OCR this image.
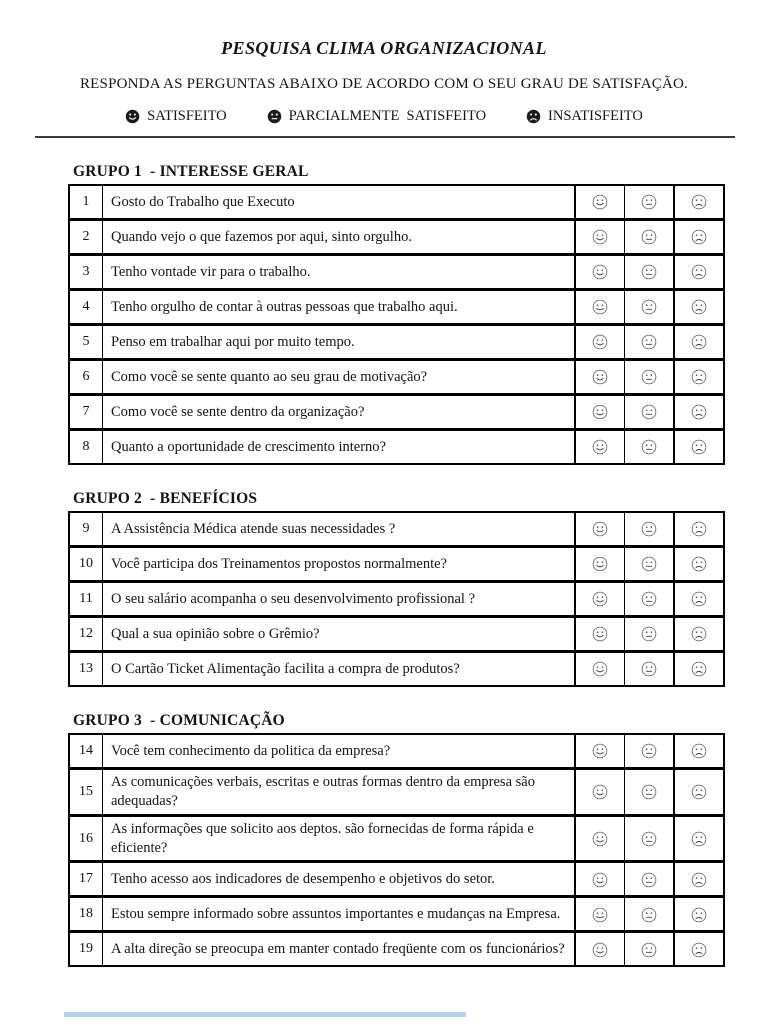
PESQUISA CLIMA ORGANIZACIONAL

RESPONDA AS PERGUNTAS ABAIXO DE ACORDO COM O SEU GRAU DE SATISFAÇÃO.

SATISFEITO	PARCIALMENTE  SATISFEITO	INSATISFEITO
GRUPO 1  - INTERESSE GERAL
1	Gosto do Trabalho que Executo			
2	Quando vejo o que fazemos por aqui, sinto orgulho.			
3	Tenho vontade vir para o trabalho.			
4	Tenho orgulho de contar à outras pessoas que trabalho aqui.			
5	Penso em trabalhar aqui por muito tempo.			
6	Como você se sente quanto ao seu grau de motivação?			
7	Como você se sente dentro da organização?			
8	Quanto a oportunidade de crescimento interno?			
GRUPO 2  - BENEFÍCIOS
9	A Assistência Médica atende suas necessidades ?			
10	Você participa dos Treinamentos propostos normalmente?			
11	O seu salário acompanha o seu desenvolvimento profissional ?			
12	Qual a sua opinião sobre o Grêmio?			
13	O Cartão Ticket Alimentação facilita a compra de produtos?			
GRUPO 3  - COMUNICAÇÃO
14	Você tem conhecimento da politica da empresa?			
15	As comunicações verbais, escritas e outras formas dentro da empresa são adequadas?			
16	As informações que solicito aos deptos. são fornecidas de forma rápida e eficiente?			
17	Tenho acesso aos indicadores de desempenho e objetivos do setor.			
18	Estou sempre informado sobre assuntos importantes e mudanças na Empresa.			
19	A alta direção se preocupa em manter contado freqüente com os funcionários?			
